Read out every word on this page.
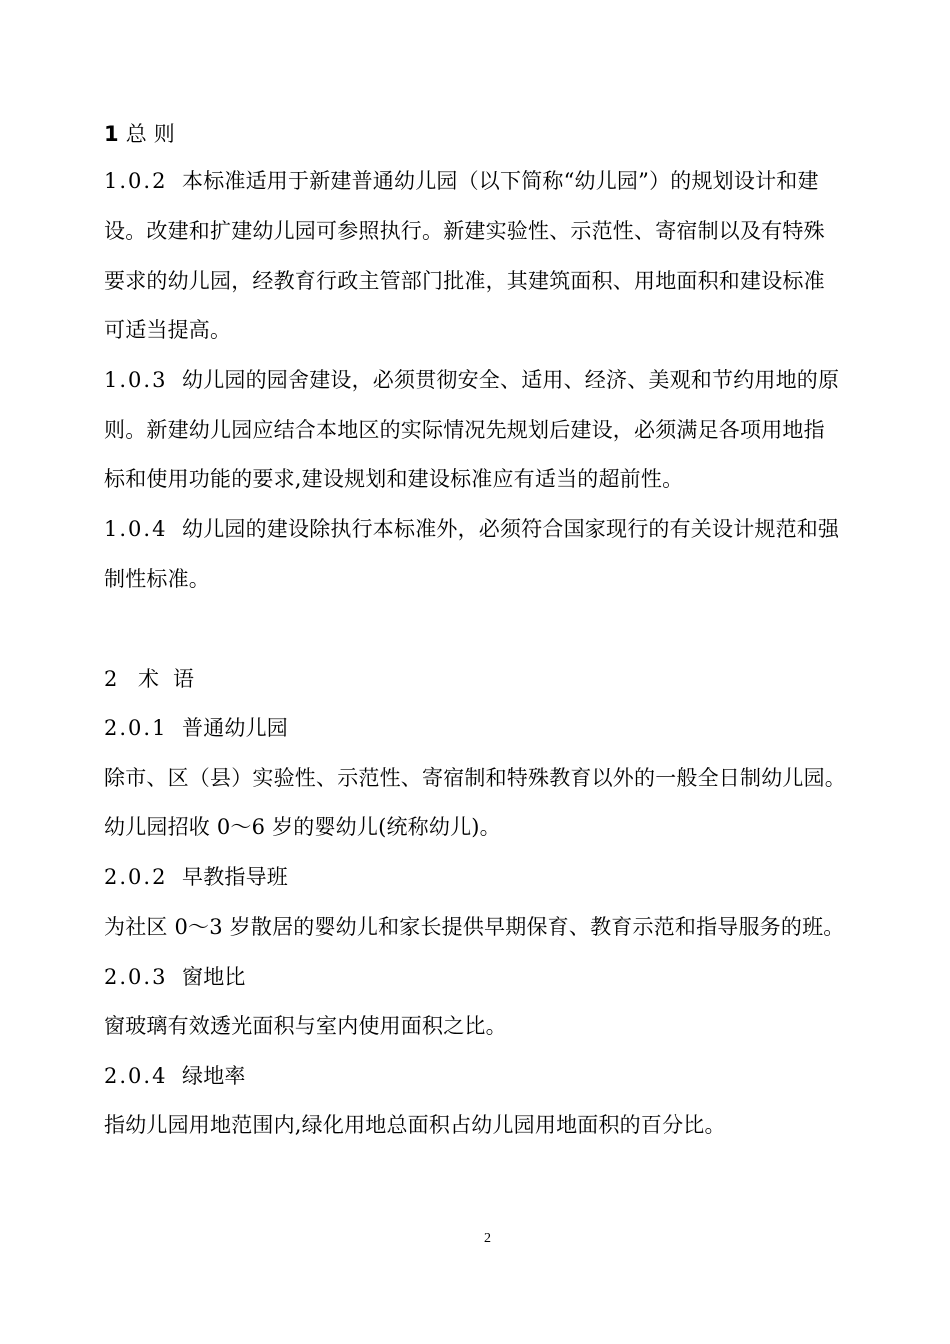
1 总 则
1.0.2 本标准适用于新建普通幼儿园（以下简称“幼儿园”）的规划设计和建
设。改建和扩建幼儿园可参照执行。新建实验性、示范性、寄宿制以及有特殊
要求的幼儿园，经教育行政主管部门批准，其建筑面积、用地面积和建设标准
可适当提高。
1.0.3 幼儿园的园舍建设，必须贯彻安全、适用、经济、美观和节约用地的原
则。新建幼儿园应结合本地区的实际情况先规划后建设，必须满足各项用地指
标和使用功能的要求,建设规划和建设标准应有适当的超前性。
1.0.4 幼儿园的建设除执行本标准外，必须符合国家现行的有关设计规范和强
制性标准。
2 术  语
2.0.1 普通幼儿园
除市、区（县）实验性、示范性、寄宿制和特殊教育以外的一般全日制幼儿园。
幼儿园招收 0～6 岁的婴幼儿(统称幼儿)。
2.0.2 早教指导班
为社区 0～3 岁散居的婴幼儿和家长提供早期保育、教育示范和指导服务的班。
2.0.3 窗地比
窗玻璃有效透光面积与室内使用面积之比。
2.0.4 绿地率
指幼儿园用地范围内,绿化用地总面积占幼儿园用地面积的百分比。
2
